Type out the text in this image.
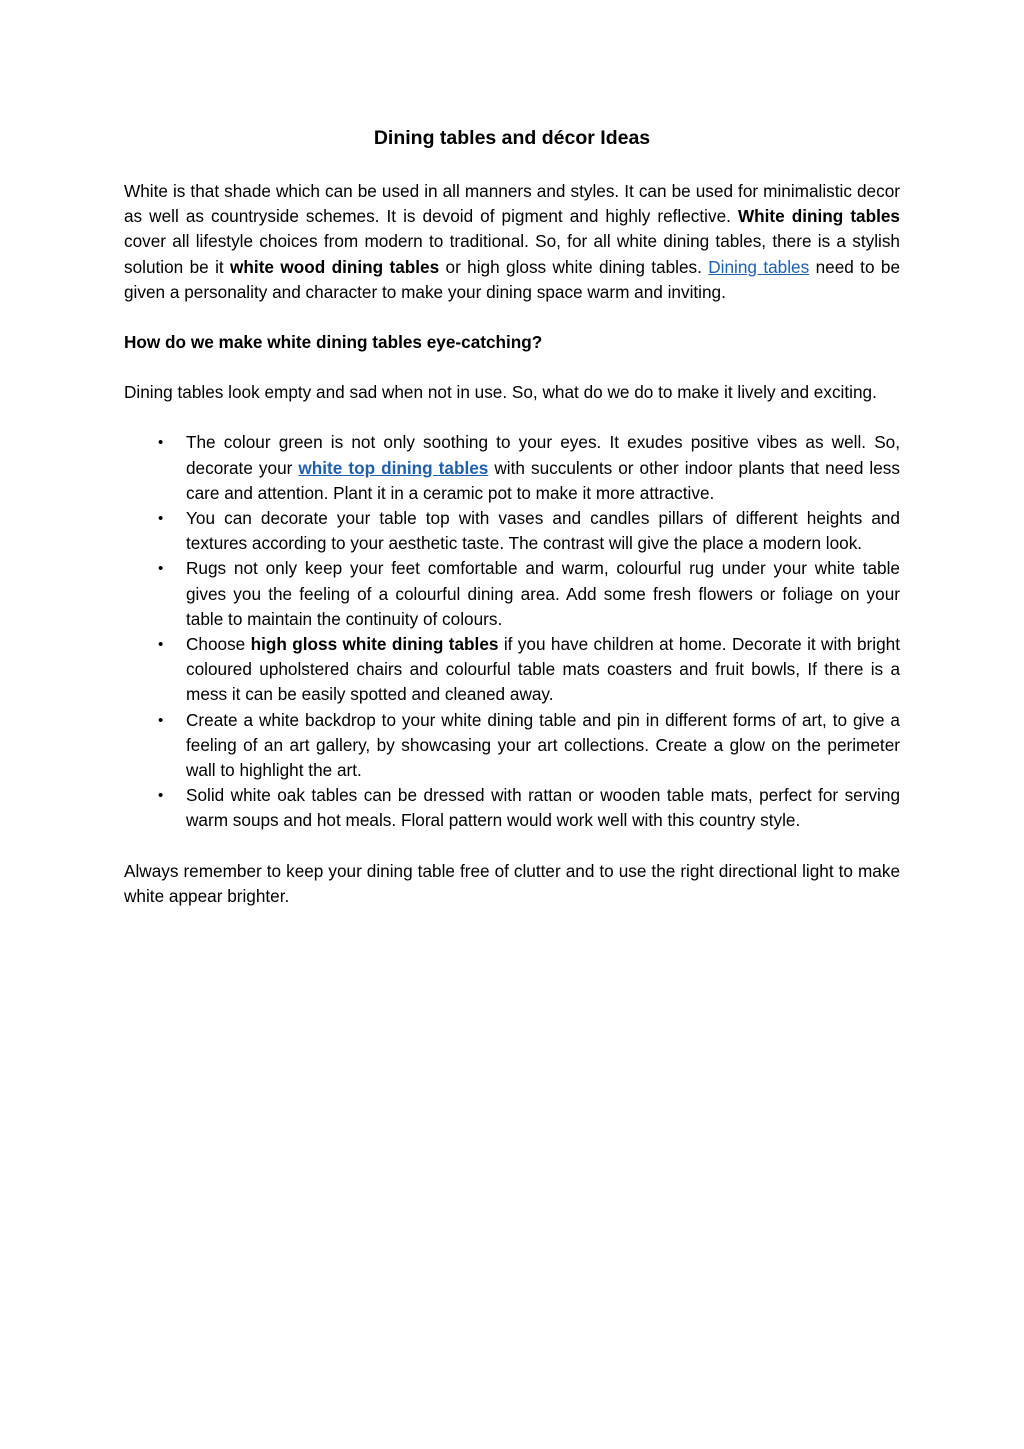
Dining tables and décor Ideas

White is that shade which can be used in all manners and styles. It can be used for minimalistic decor as well as countryside schemes. It is devoid of pigment and highly reflective. White dining tables cover all lifestyle choices from modern to traditional. So, for all white dining tables, there is a stylish solution be it white wood dining tables or high gloss white dining tables. Dining tables need to be given a personality and character to make your dining space warm and inviting.

How do we make white dining tables eye-catching?

Dining tables look empty and sad when not in use. So, what do we do to make it lively and exciting.

• The colour green is not only soothing to your eyes. It exudes positive vibes as well. So, decorate your white top dining tables with succulents or other indoor plants that need less care and attention. Plant it in a ceramic pot to make it more attractive.
• You can decorate your table top with vases and candles pillars of different heights and textures according to your aesthetic taste. The contrast will give the place a modern look.
• Rugs not only keep your feet comfortable and warm, colourful rug under your white table gives you the feeling of a colourful dining area. Add some fresh flowers or foliage on your table to maintain the continuity of colours.
• Choose high gloss white dining tables if you have children at home. Decorate it with bright coloured upholstered chairs and colourful table mats coasters and fruit bowls, If there is a mess it can be easily spotted and cleaned away.
• Create a white backdrop to your white dining table and pin in different forms of art, to give a feeling of an art gallery, by showcasing your art collections. Create a glow on the perimeter wall to highlight the art.
• Solid white oak tables can be dressed with rattan or wooden table mats, perfect for serving warm soups and hot meals. Floral pattern would work well with this country style.

Always remember to keep your dining table free of clutter and to use the right directional light to make white appear brighter.
